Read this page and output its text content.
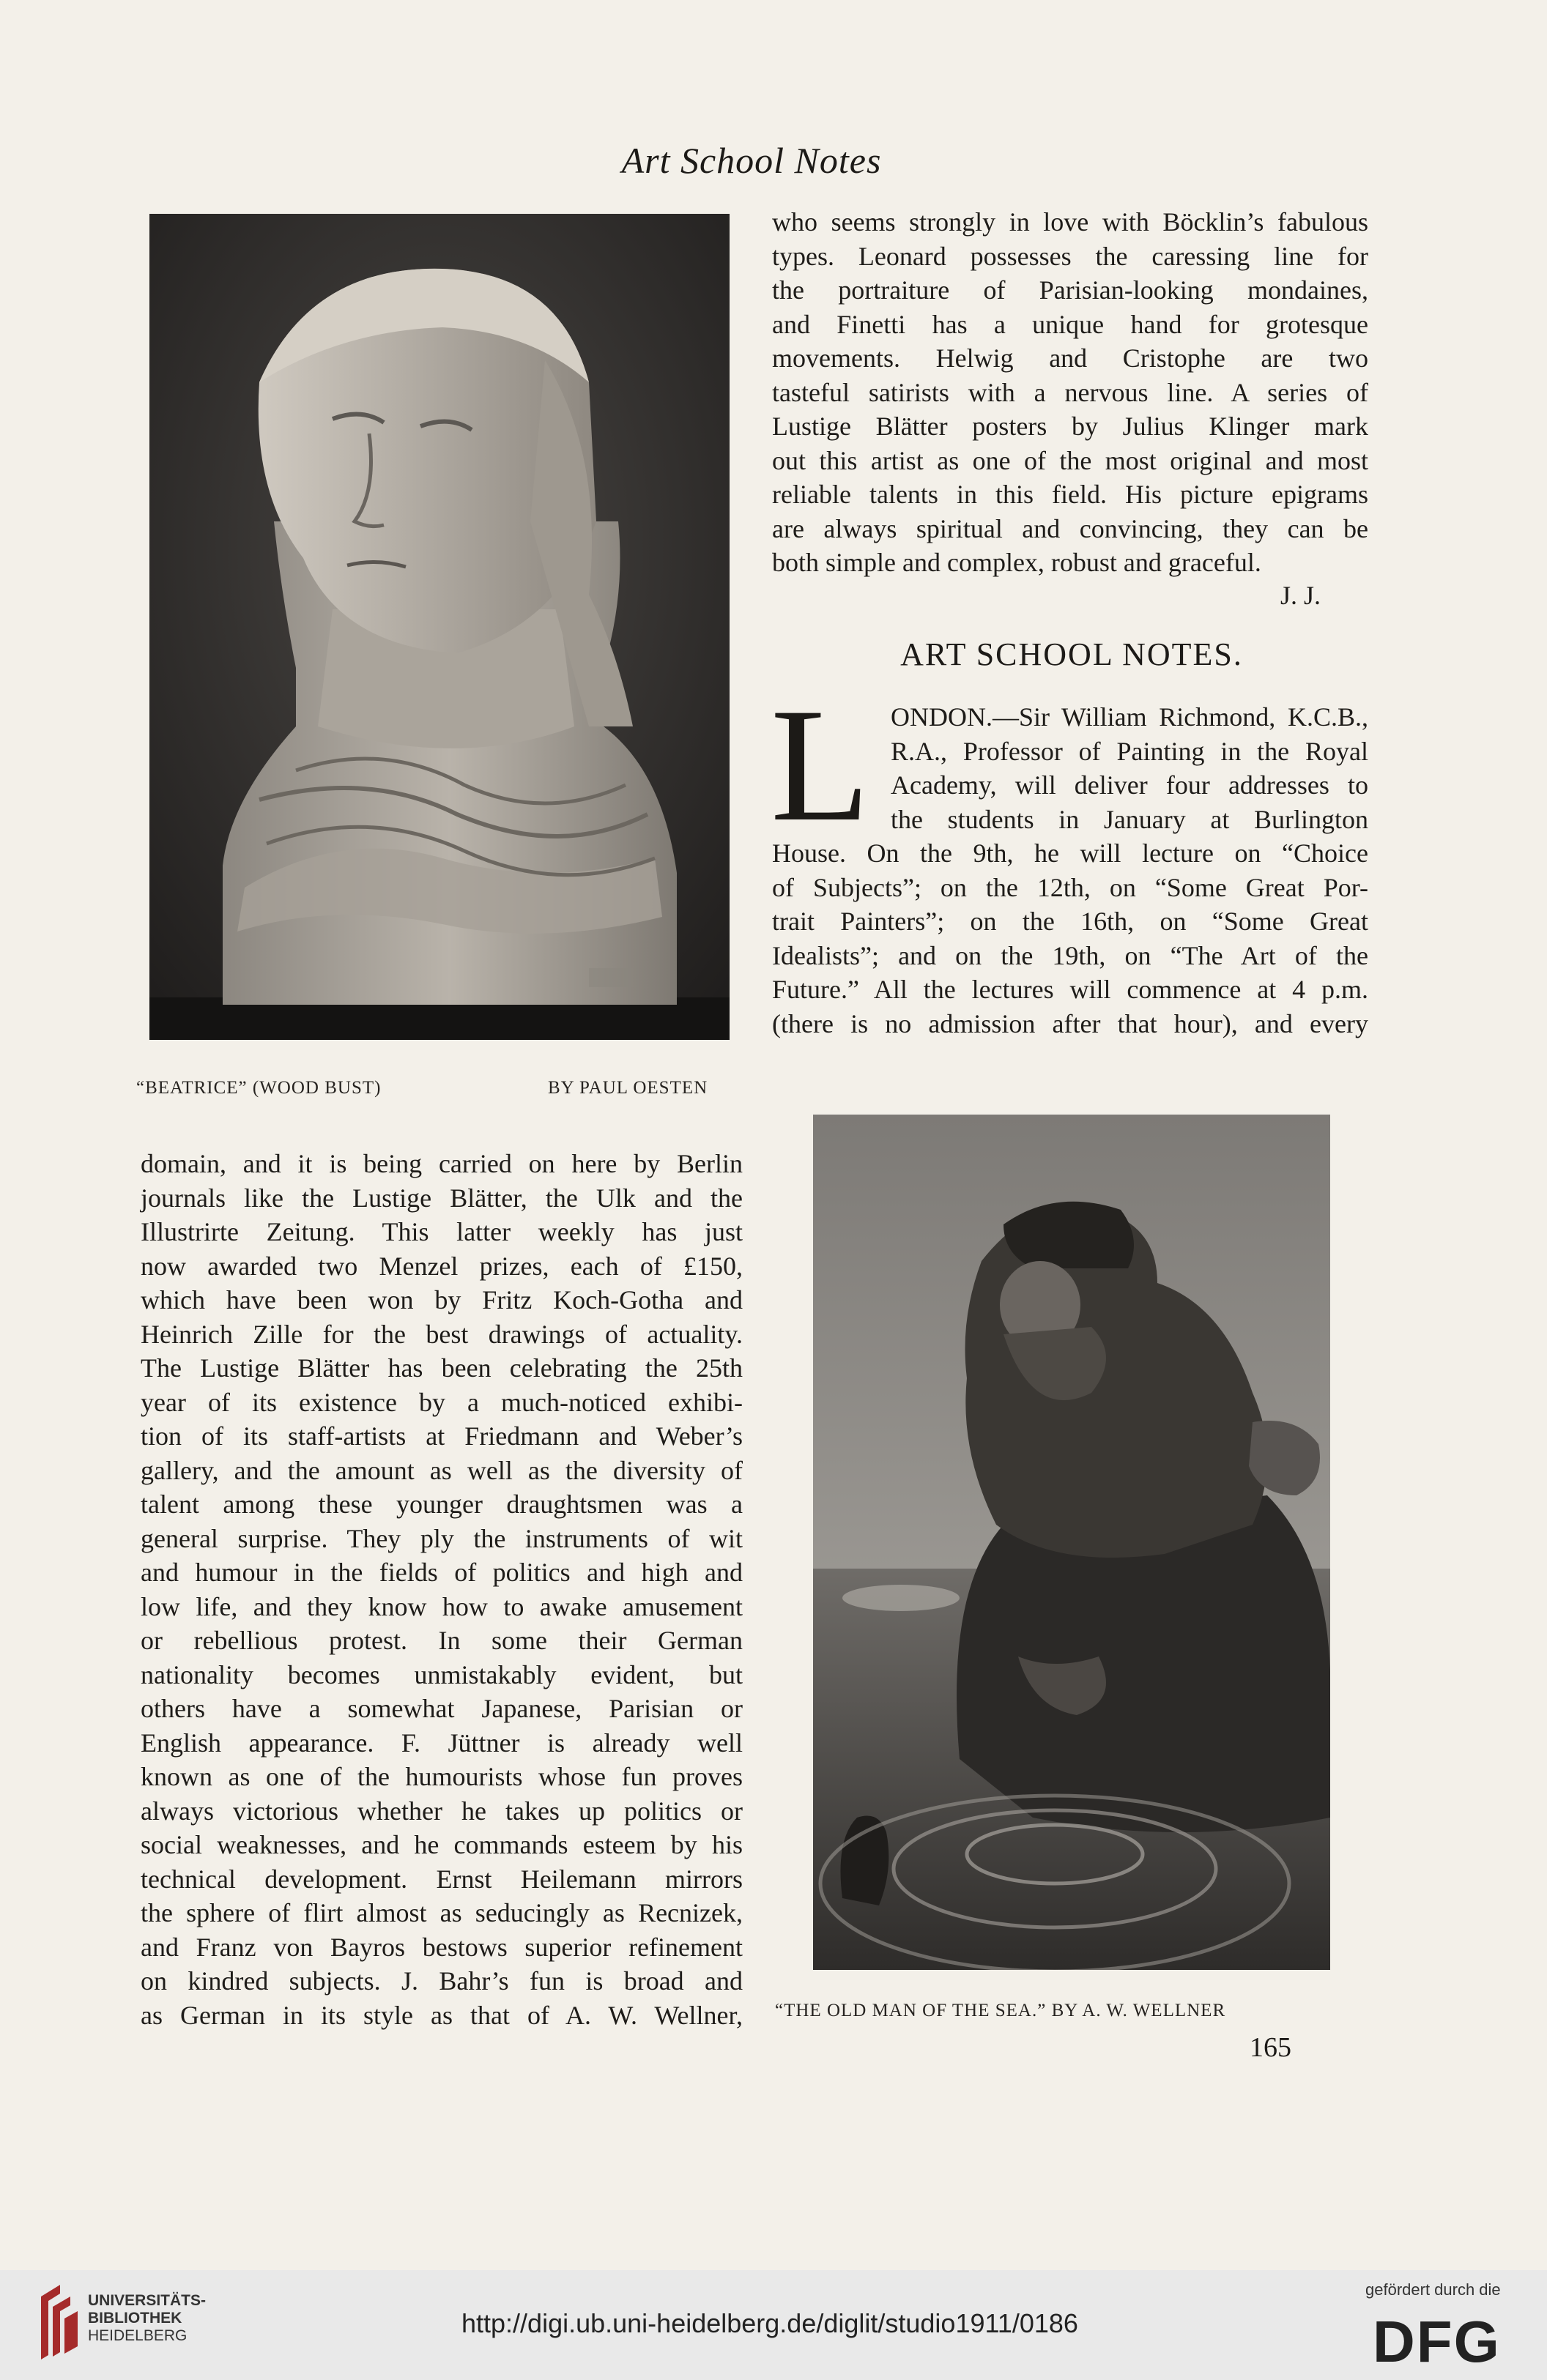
Art School Notes
“BEATRICE” (WOOD BUST)	BY PAUL OESTEN
who seems strongly in love with Böcklin’s fabulous
types. Leonard possesses the caressing line for
the portraiture of Parisian-looking mondaines,
and Finetti has a unique hand for grotesque
movements. Helwig and Cristophe are two
tasteful satirists with a nervous line. A series of
Lustige Blätter posters by Julius Klinger mark
out this artist as one of the most original and most
reliable talents in this field. His picture epigrams
are always spiritual and convincing, they can be
both simple and complex, robust and graceful.
J. J.
ART SCHOOL NOTES.
L ONDON.—Sir William Richmond, K.C.B.,
R.A., Professor of Painting in the Royal
Academy, will deliver four addresses to
the students in January at Burlington
House. On the 9th, he will lecture on “Choice
of Subjects”; on the 12th, on “Some Great Por-
trait Painters”; on the 16th, on “Some Great
Idealists”; and on the 19th, on “The Art of the
Future.” All the lectures will commence at 4 p.m.
(there is no admission after that hour), and every
domain, and it is being carried on here by Berlin
journals like the Lustige Blätter, the Ulk and the
Illustrirte Zeitung. This latter weekly has just
now awarded two Menzel prizes, each of £150,
which have been won by Fritz Koch-Gotha and
Heinrich Zille for the best drawings of actuality.
The Lustige Blätter has been celebrating the 25th
year of its existence by a much-noticed exhibi-
tion of its staff-artists at Friedmann and Weber’s
gallery, and the amount as well as the diversity of
talent among these younger draughtsmen was a
general surprise. They ply the instruments of wit
and humour in the fields of politics and high and
low life, and they know how to awake amusement
or rebellious protest. In some their German
nationality becomes unmistakably evident, but
others have a somewhat Japanese, Parisian or
English appearance. F. Jüttner is already well
known as one of the humourists whose fun proves
always victorious whether he takes up politics or
social weaknesses, and he commands esteem by his
technical development. Ernst Heilemann mirrors
the sphere of flirt almost as seducingly as Recnizek,
and Franz von Bayros bestows superior refinement
on kindred subjects. J. Bahr’s fun is broad and
as German in its style as that of A. W. Wellner, “THE OLD MAN OF THE SEA.” BY A. W. WELLNER
165
UNIVERSITÄTS-
BIBLIOTHEK
HEIDELBERG	http://digi.ub.uni-heidelberg.de/diglit/studio1911/0186
gefördert durch die
DFG
